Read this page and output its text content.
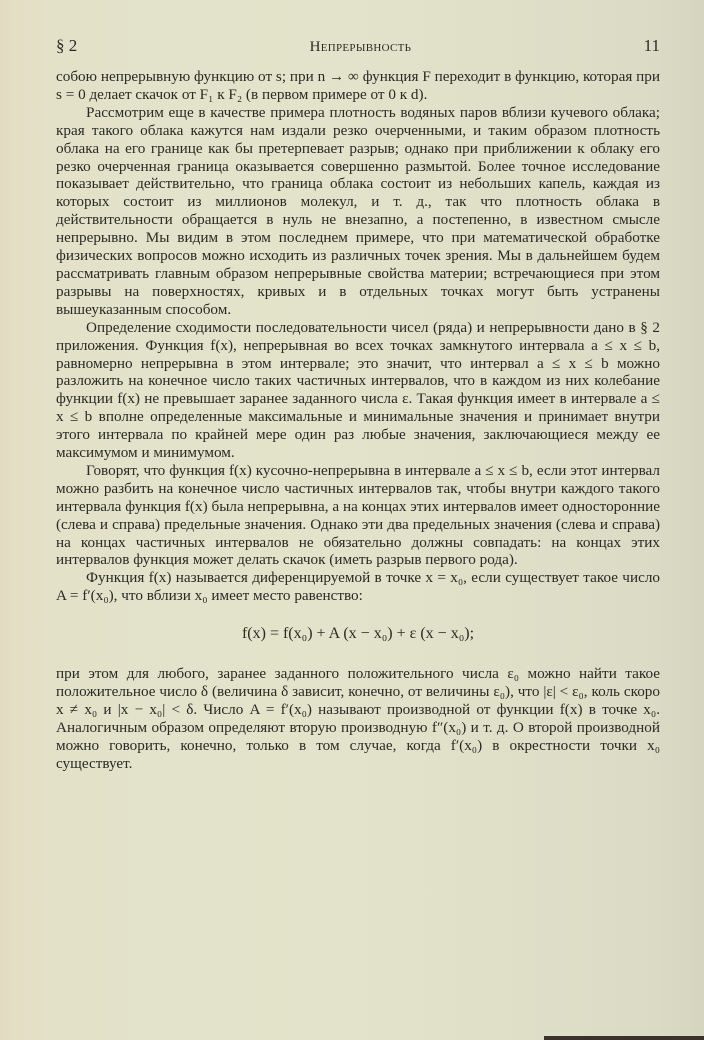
§ 2	Непрерывность	11

собою непрерывную функцию от s; при n → ∞ функция F переходит в функцию, которая при s = 0 делает скачок от F₁ к F₂ (в первом примере от 0 к d).

Рассмотрим еще в качестве примера плотность водяных паров вблизи кучевого облака; края такого облака кажутся нам издали резко очерченными, и таким образом плотность облака на его границе как бы претерпевает разрыв; однако при приближении к облаку его резко очерченная граница оказывается совершенно размытой. Более точное исследование показывает действительно, что граница облака состоит из небольших капель, каждая из которых состоит из миллионов молекул, и т. д., так что плотность облака в действительности обращается в нуль не внезапно, а постепенно, в известном смысле непрерывно. Мы видим в этом последнем примере, что при математической обработке физических вопросов можно исходить из различных точек зрения. Мы в дальнейшем будем рассматривать главным образом непрерывные свойства материи; встречающиеся при этом разрывы на поверхностях, кривых и в отдельных точках могут быть устранены вышеуказанным способом.

Определение сходимости последовательности чисел (ряда) и непрерывности дано в § 2 приложения. Функция f(x), непрерывная во всех точках замкнутого интервала a ≤ x ≤ b, равномерно непрерывна в этом интервале; это значит, что интервал a ≤ x ≤ b можно разложить на конечное число таких частичных интервалов, что в каждом из них колебание функции f(x) не превышает заранее заданного числа ε. Такая функция имеет в интервале a ≤ x ≤ b вполне определенные максимальные и минимальные значения и принимает внутри этого интервала по крайней мере один раз любые значения, заключающиеся между ее максимумом и минимумом.

Говорят, что функция f(x) кусочно-непрерывна в интервале a ≤ x ≤ b, если этот интервал можно разбить на конечное число частичных интервалов так, чтобы внутри каждого такого интервала функция f(x) была непрерывна, а на концах этих интервалов имеет односторонние (слева и справа) предельные значения. Однако эти два предельных значения (слева и справа) на концах частичных интервалов не обязательно должны совпадать: на концах этих интервалов функция может делать скачок (иметь разрыв первого рода).

Функция f(x) называется диференцируемой в точке x = x₀, если существует такое число A = f′(x₀), что вблизи x₀ имеет место равенство:

f(x) = f(x₀) + A (x − x₀) + ε (x − x₀);

при этом для любого, заранее заданного положительного числа ε₀ можно найти такое положительное число δ (величина δ зависит, конечно, от величины ε₀), что |ε| < ε₀, коль скоро x ≠ x₀ и |x − x₀| < δ. Число A = f′(x₀) называют производной от функции f(x) в точке x₀. Аналогичным образом определяют вторую производную f″(x₀) и т. д. О второй производной можно говорить, конечно, только в том случае, когда f′(x₀) в окрестности точки x₀ существует.
